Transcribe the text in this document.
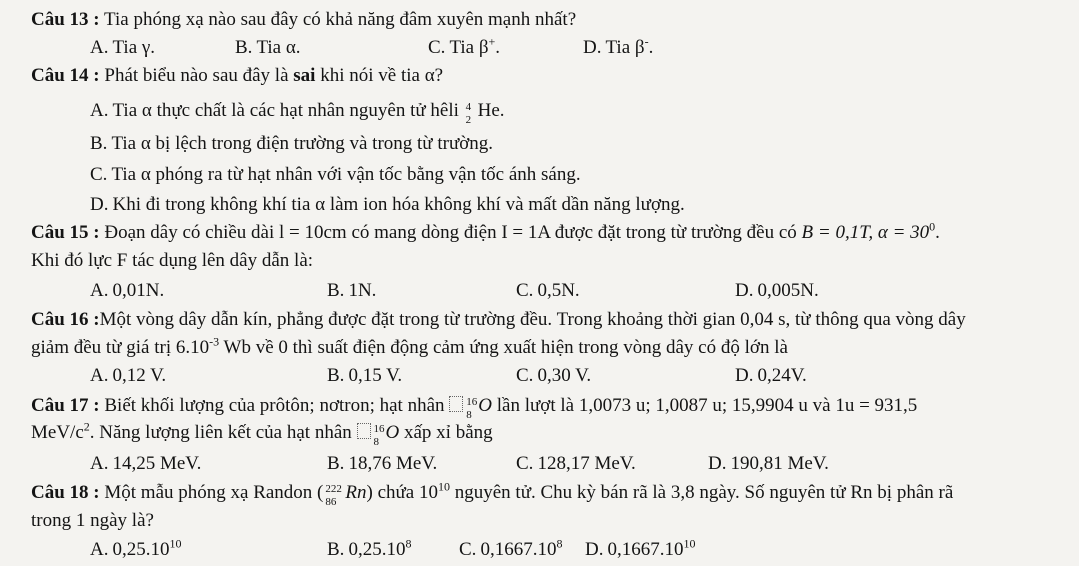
Câu 13 : Tia phóng xạ nào sau đây có khả năng đâm xuyên mạnh nhất?
A. Tia γ.	B. Tia α.	C. Tia β+.	D. Tia β-.
Câu 14 : Phát biểu nào sau đây là sai khi nói về tia α?
A. Tia α thực chất là các hạt nhân nguyên tử hêli 4
2 He.
B. Tia α bị lệch trong điện trường và trong từ trường.
C. Tia α phóng ra từ hạt nhân với vận tốc bằng vận tốc ánh sáng.
D. Khi đi trong không khí tia α làm ion hóa không khí và mất dần năng lượng.
Câu 15 : Đoạn dây có chiều dài l = 10cm có mang dòng điện I = 1A được đặt trong từ trường đều có B = 0,1T, $\alpha = 30^0$.
Khi đó lực F tác dụng lên dây dẫn là:
A. 0,01N.	B. 1N.	C. 0,5N.	D. 0,005N.
Câu 16 :Một vòng dây dẫn kín, phẳng được đặt trong từ trường đều. Trong khoảng thời gian 0,04 s, từ thông qua vòng dây
giảm đều từ giá trị $6.10^{-3}$ Wb về 0 thì suất điện động cảm ứng xuất hiện trong vòng dây có độ lớn là
A. 0,12 V.	B. 0,15 V.	C. 0,30 V.	D. 0,24V.
Câu 17 : Biết khối lượng của prôtôn; nơtron; hạt nhân 16
8 O lần lượt là 1,0073 u; 1,0087 u; 15,9904 u và 1u = 931,5
MeV/$c^2$. Năng lượng liên kết của hạt nhân 16
8 O xấp xỉ bằng
A. 14,25 MeV.	B. 18,76 MeV.	C. 128,17 MeV.	D. 190,81 MeV.
Câu 18 : Một mẫu phóng xạ Randon ( 222
86 Rn) chứa $10^{10}$ nguyên tử. Chu kỳ bán rã là 3,8 ngày. Số nguyên tử Rn bị phân rã
trong 1 ngày là?
A. 0,25.10$^{10}$	B. 0,25.10$^8$	C. 0,1667.10$^8$ D. 0,1667.10$^{10}$
